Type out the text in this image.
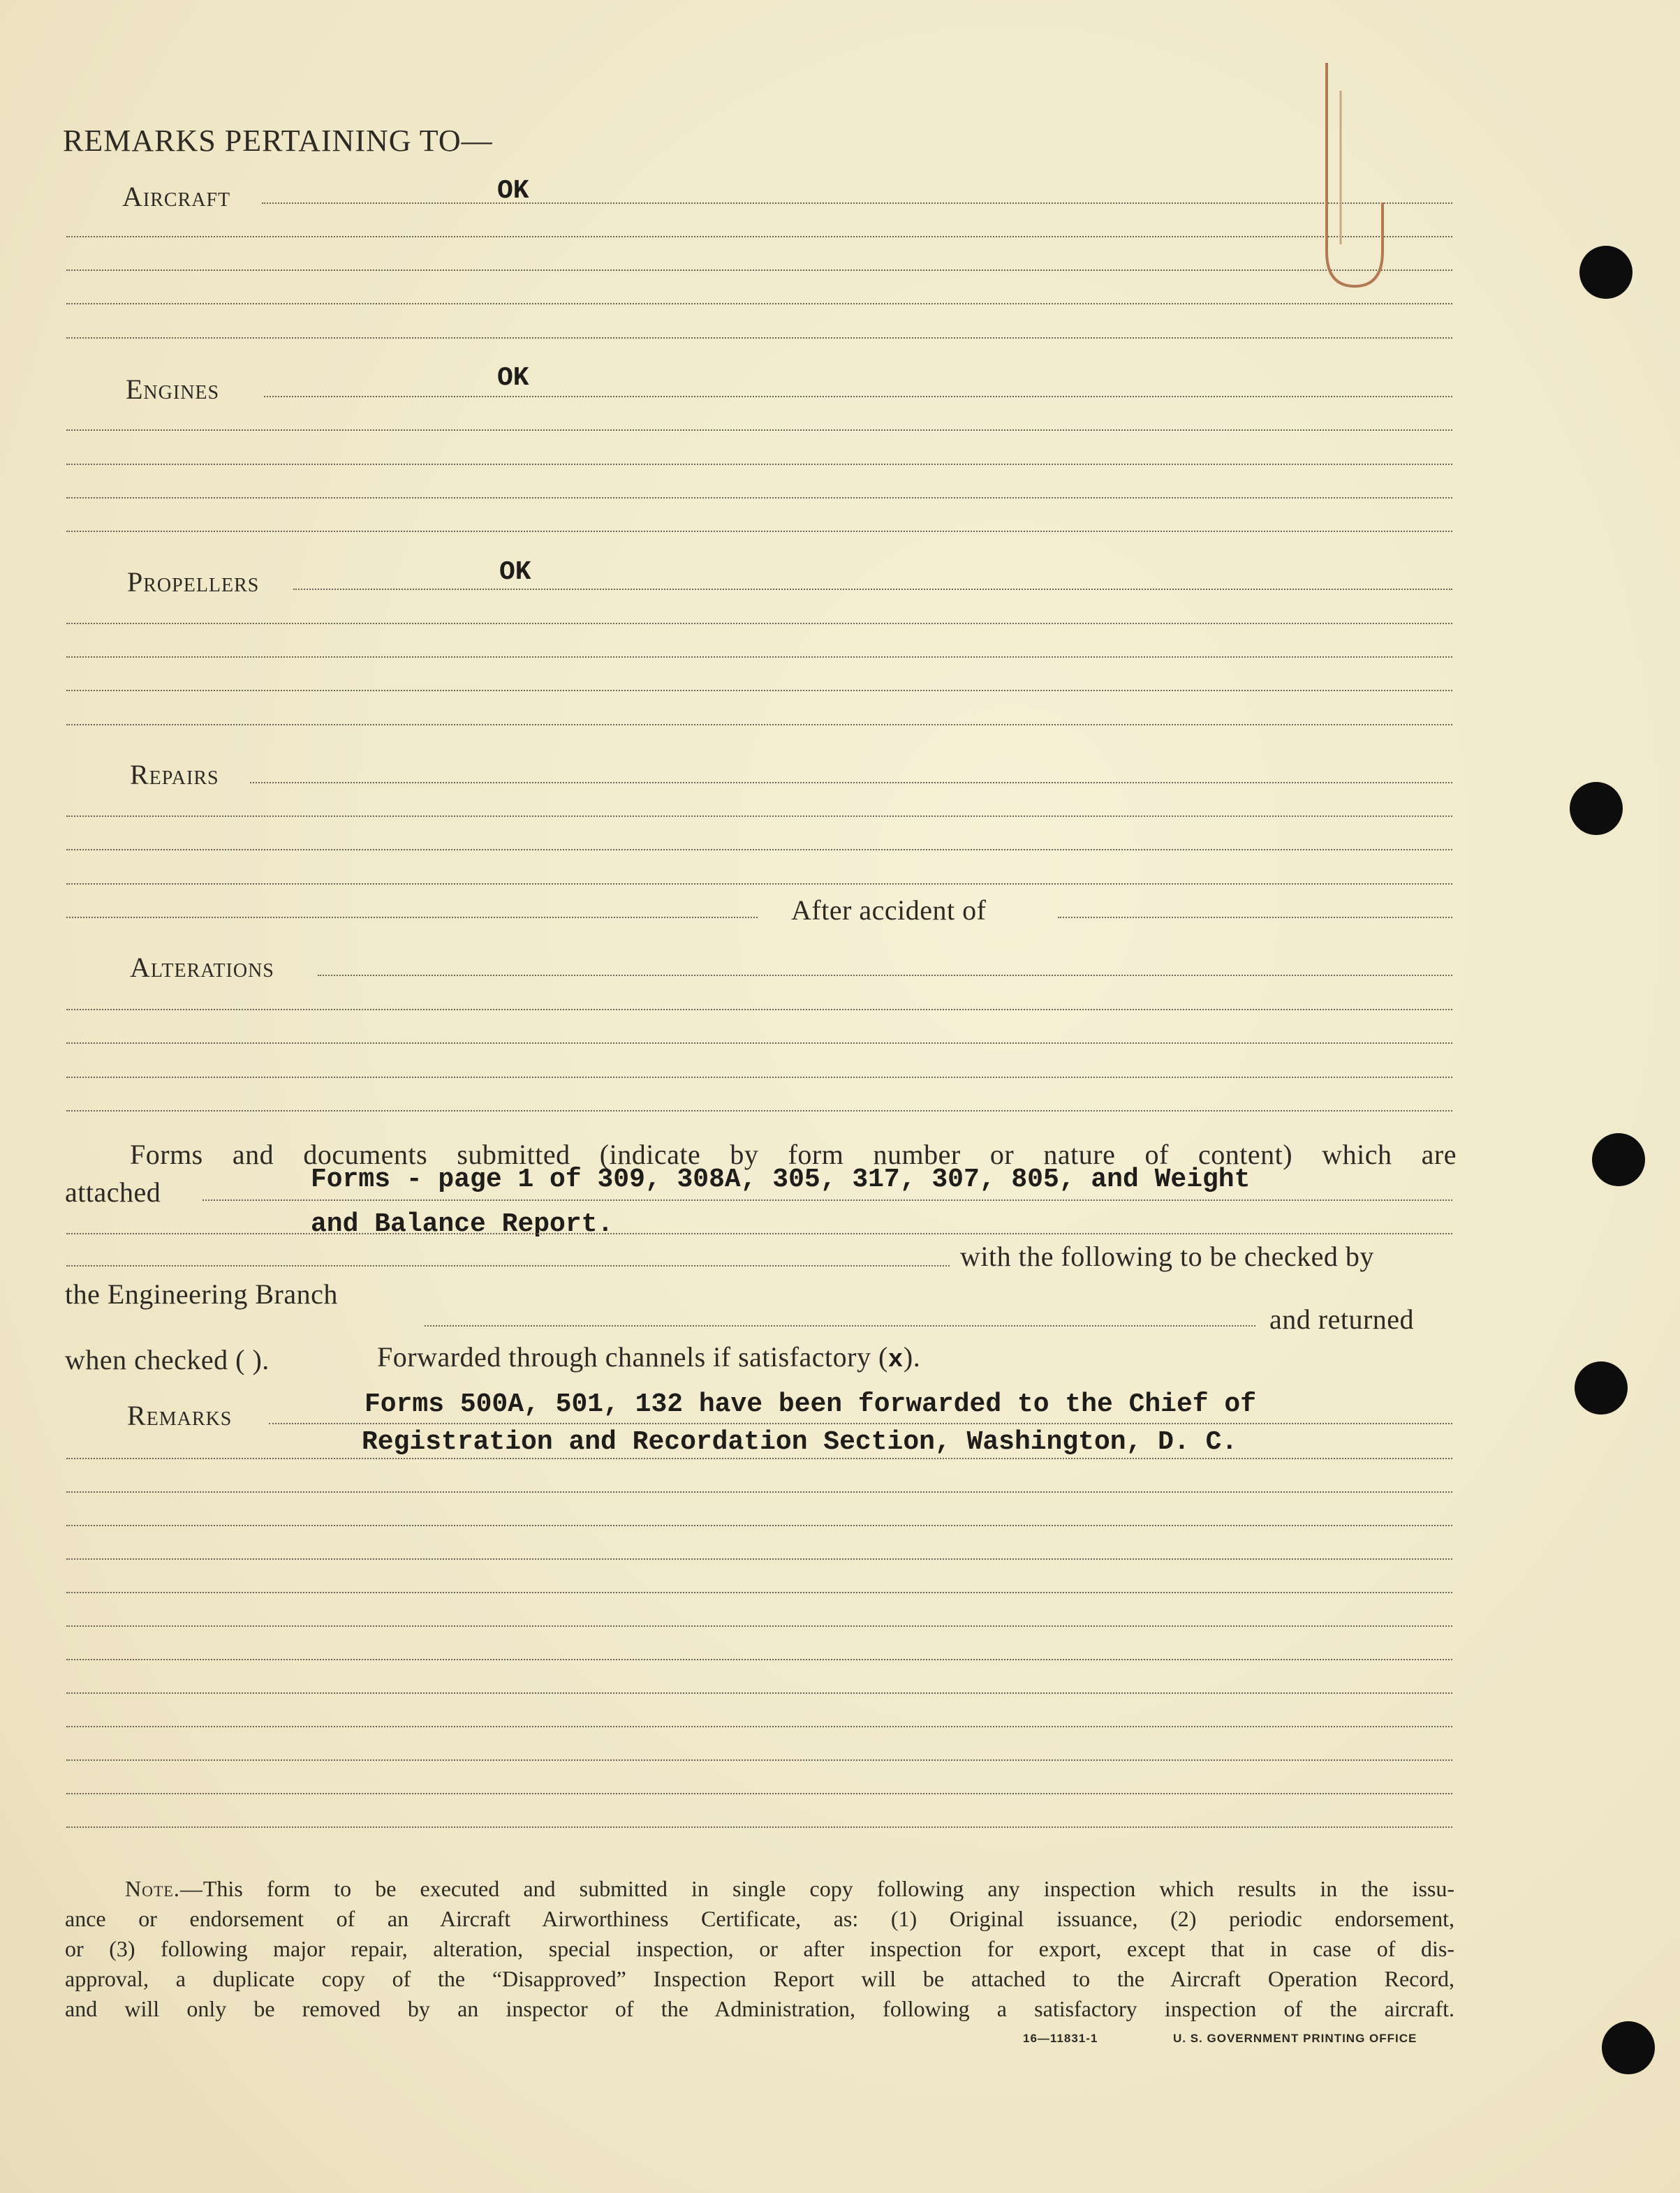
REMARKS PERTAINING TO—
Aircraft	OK
Engines	OK
Propellers	OK
Repairs
After accident of
Alterations
Forms and documents submitted (indicate by form number or nature of content) which are
attached	Forms - page 1 of 309, 308A, 305, 317, 307, 805, and Weight
and Balance Report.
with the following to be checked by
the Engineering Branch
and returned
when checked ( ).	Forwarded through channels if satisfactory (x).
Remarks	Forms 500A, 501, 132 have been forwarded to the Chief of
Registration and Recordation Section, Washington, D. C.
Note.—This form to be executed and submitted in single copy following any inspection which results in the issu-
ance or endorsement of an Aircraft Airworthiness Certificate, as: (1) Original issuance, (2) periodic endorsement,
or (3) following major repair, alteration, special inspection, or after inspection for export, except that in case of dis-
approval, a duplicate copy of the “Disapproved” Inspection Report will be attached to the Aircraft Operation Record,
and will only be removed by an inspector of the Administration, following a satisfactory inspection of the aircraft.
16—11831-1	U. S. GOVERNMENT PRINTING OFFICE
